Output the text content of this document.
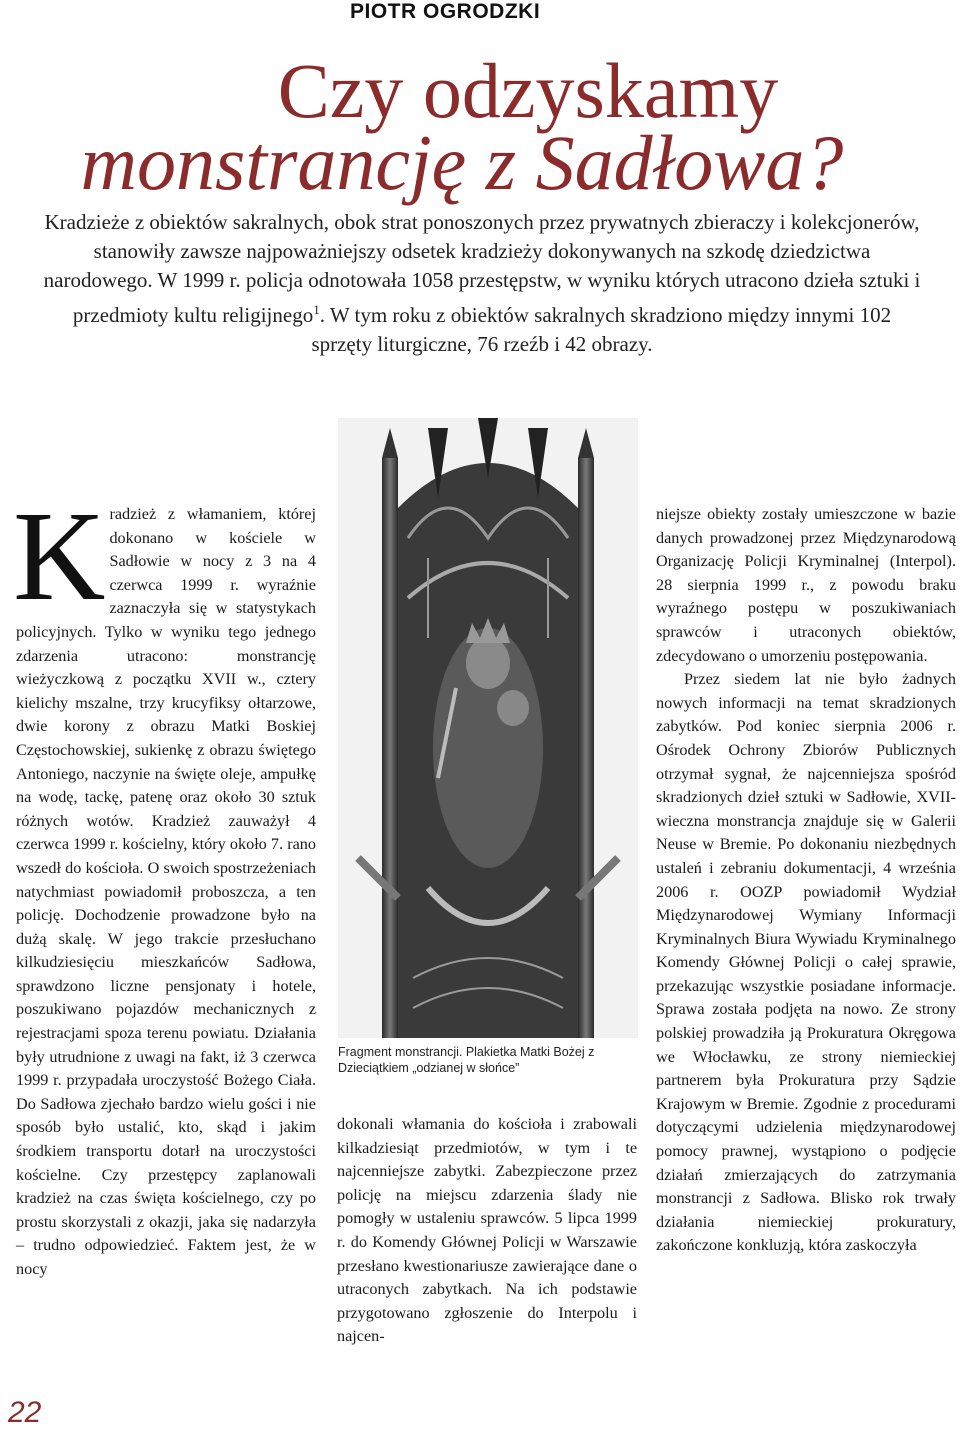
PIOTR OGRODZKI
Czy odzyskamy
monstrancję z Sadłowa?
Kradzieże z obiektów sakralnych, obok strat ponoszonych przez prywatnych zbieraczy i kolekcjonerów, stanowiły zawsze najpoważniejszy odsetek kradzieży dokonywanych na szkodę dziedzictwa narodowego. W 1999 r. policja odnotowała 1058 przestępstw, w wyniku których utracono dzieła sztuki i przedmioty kultu religijnego$^1$. W tym roku z obiektów sakralnych skradziono między innymi 102 sprzęty liturgiczne, 76 rzeźb i 42 obrazy.

Kradzież z włamaniem, której dokonano w kościele w Sadłowie w nocy z 3 na 4 czerwca 1999 r. wyraźnie zaznaczyła się w statystykach policyjnych. Tylko w wyniku tego jednego zdarzenia utracono: monstrancję wieżyczkową z początku XVII w., cztery kielichy mszalne, trzy krucyfiksy ołtarzowe, dwie korony z obrazu Matki Boskiej Częstochowskiej, sukienkę z obrazu świętego Antoniego, naczynie na święte oleje, ampułkę na wodę, tackę, patenę oraz około 30 sztuk różnych wotów. Kradzież zauważył 4 czerwca 1999 r. kościelny, który około 7. rano wszedł do kościoła. O swoich spostrzeżeniach natychmiast powiadomił proboszcza, a ten policję. Dochodzenie prowadzone było na dużą skalę. W jego trakcie przesłuchano kilkudziesięciu mieszkańców Sadłowa, sprawdzono liczne pensjonaty i hotele, poszukiwano pojazdów mechanicznych z rejestracjami spoza terenu powiatu. Działania były utrudnione z uwagi na fakt, iż 3 czerwca 1999 r. przypadała uroczystość Bożego Ciała. Do Sadłowa zjechało bardzo wielu gości i nie sposób było ustalić, kto, skąd i jakim środkiem transportu dotarł na uroczystości kościelne. Czy przestępcy zaplanowali kradzież na czas święta kościelnego, czy po prostu skorzystali z okazji, jaka się nadarzyła – trudno odpowiedzieć. Faktem jest, że w nocy

Fragment monstrancji. Plakietka Matki Bożej z Dzieciątkiem „odzianej w słońce”

dokonali włamania do kościoła i zrabowali kilkadziesiąt przedmiotów, w tym i te najcenniejsze zabytki. Zabezpieczone przez policję na miejscu zdarzenia ślady nie pomogły w ustaleniu sprawców. 5 lipca 1999 r. do Komendy Głównej Policji w Warszawie przesłano kwestionariusze zawierające dane o utraconych zabytkach. Na ich podstawie przygotowano zgłoszenie do Interpolu i najcen-

niejsze obiekty zostały umieszczone w bazie danych prowadzonej przez Międzynarodową Organizację Policji Kryminalnej (Interpol). 28 sierpnia 1999 r., z powodu braku wyraźnego postępu w poszukiwaniach sprawców i utraconych obiektów, zdecydowano o umorzeniu postępowania.

Przez siedem lat nie było żadnych nowych informacji na temat skradzionych zabytków. Pod koniec sierpnia 2006 r. Ośrodek Ochrony Zbiorów Publicznych otrzymał sygnał, że najcenniejsza spośród skradzionych dzieł sztuki w Sadłowie, XVII-wieczna monstrancja znajduje się w Galerii Neuse w Bremie. Po dokonaniu niezbędnych ustaleń i zebraniu dokumentacji, 4 września 2006 r. OOZP powiadomił Wydział Międzynarodowej Wymiany Informacji Kryminalnych Biura Wywiadu Kryminalnego Komendy Głównej Policji o całej sprawie, przekazując wszystkie posiadane informacje. Sprawa została podjęta na nowo. Ze strony polskiej prowadziła ją Prokuratura Okręgowa we Włocławku, ze strony niemieckiej partnerem była Prokuratura przy Sądzie Krajowym w Bremie. Zgodnie z procedurami dotyczącymi udzielenia międzynarodowej pomocy prawnej, wystąpiono o podjęcie działań zmierzających do zatrzymania monstrancji z Sadłowa. Blisko rok trwały działania niemieckiej prokuratury, zakończone konkluzją, która zaskoczyła

22
